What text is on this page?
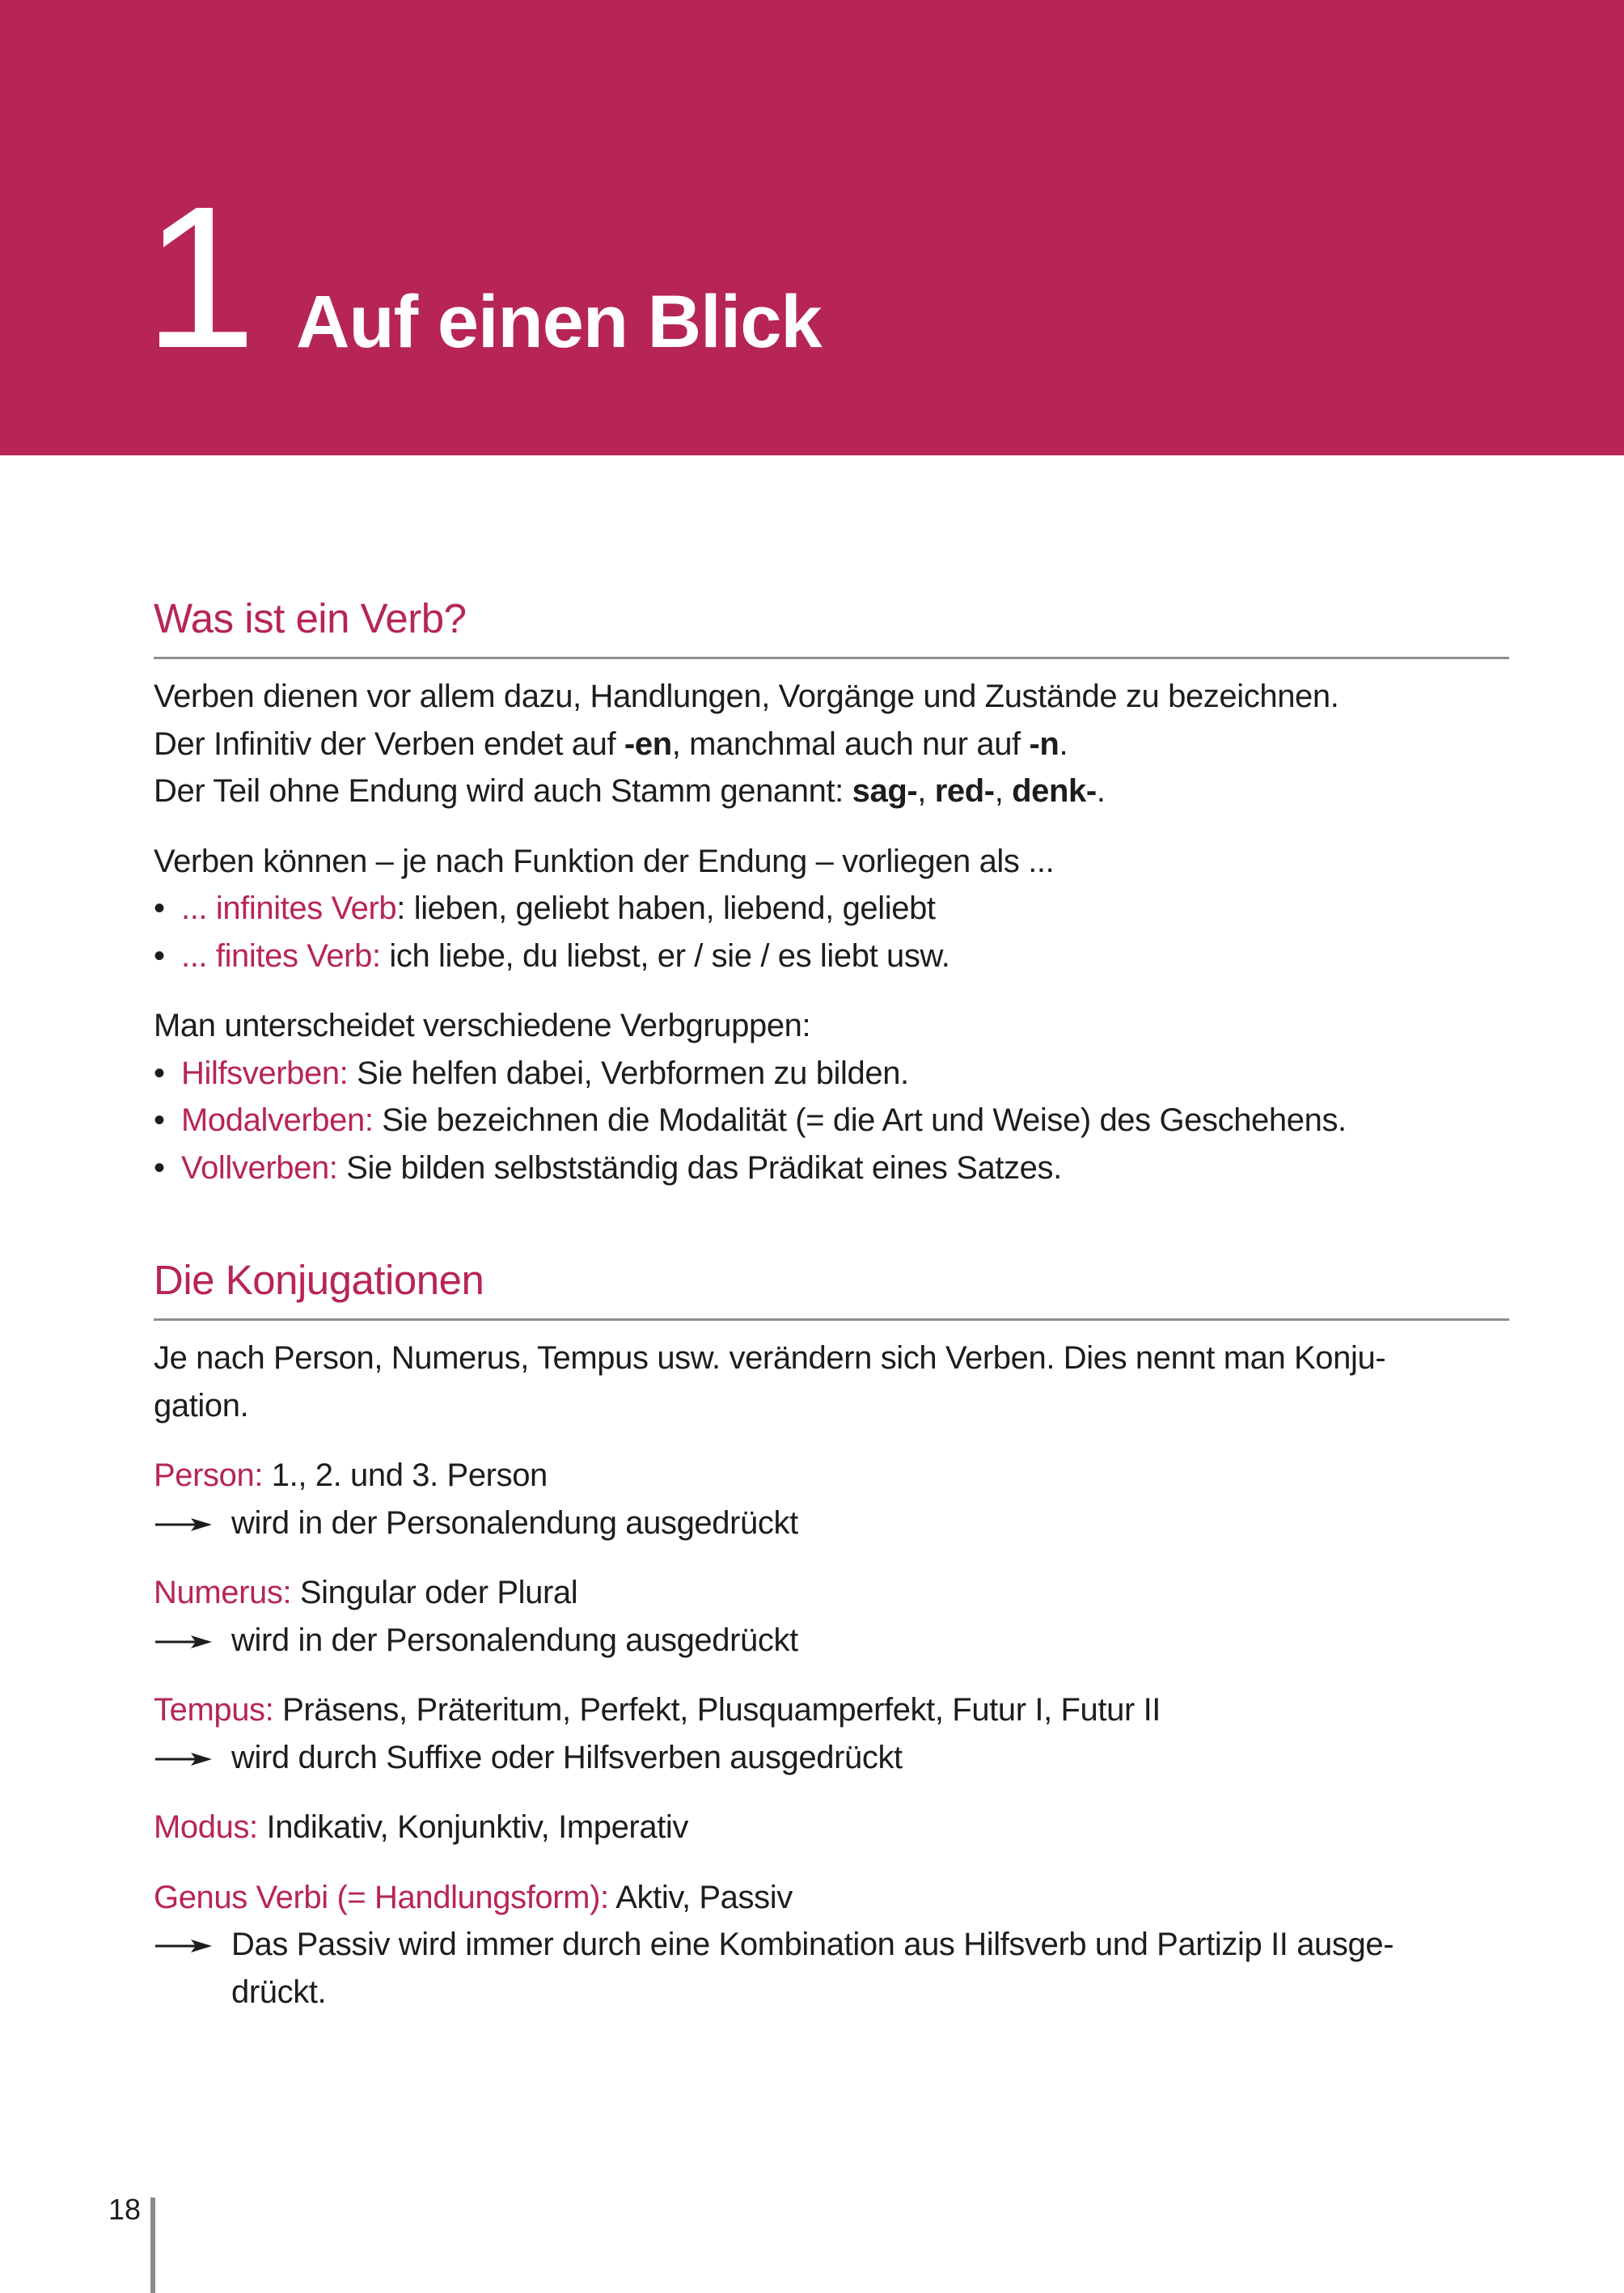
1 Auf einen Blick
Was ist ein Verb?

Verben dienen vor allem dazu, Handlungen, Vorgänge und Zustände zu bezeichnen.

Der Infinitiv der Verben endet auf -en, manchmal auch nur auf -n.

Der Teil ohne Endung wird auch Stamm genannt: sag-, red-, denk-.

Verben können – je nach Funktion der Endung – vorliegen als ...

• ... infinites Verb: lieben, geliebt haben, liebend, geliebt
• ... finites Verb: ich liebe, du liebst, er / sie / es liebt usw.

Man unterscheidet verschiedene Verbgruppen:

• Hilfsverben: Sie helfen dabei, Verbformen zu bilden.
• Modalverben: Sie bezeichnen die Modalität (= die Art und Weise) des Geschehens.
• Vollverben: Sie bilden selbstständig das Prädikat eines Satzes.
Die Konjugationen

Je nach Person, Numerus, Tempus usw. verändern sich Verben. Dies nennt man Konju-

gation.

Person: 1., 2. und 3. Person

wird in der Personalendung ausgedrückt

Numerus: Singular oder Plural

wird in der Personalendung ausgedrückt

Tempus: Präsens, Präteritum, Perfekt, Plusquamperfekt, Futur I, Futur II

wird durch Suffixe oder Hilfsverben ausgedrückt

Modus: Indikativ, Konjunktiv, Imperativ

Genus Verbi (= Handlungsform): Aktiv, Passiv

Das Passiv wird immer durch eine Kombination aus Hilfsverb und Partizip II ausge-
drückt.
18
